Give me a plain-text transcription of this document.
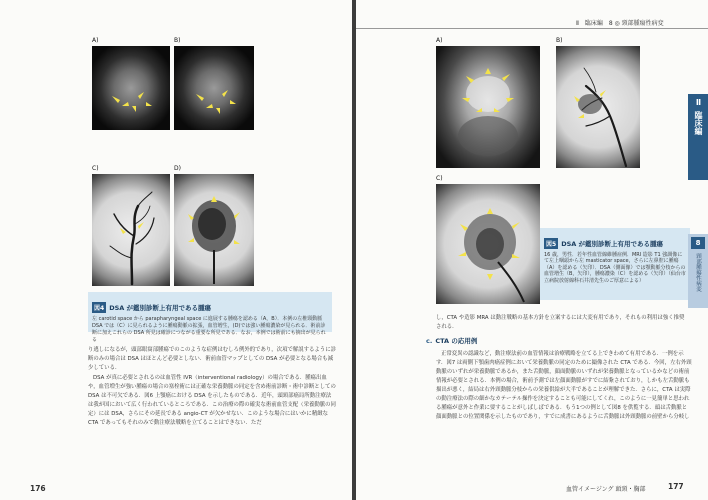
A)	B)
C)	D)
図4 DSA が鑑別診断上有用である腫瘍
左 carotid space から parapharyngeal space に進展する腫瘍を認める（A，B）．本例の左椎頸動脈 DSA では（C）に見られるように腫瘍動脈の拡張，血管増生，(D)では強い腫瘍濃染が見られる．術前診断に加えこれらの DSA 所見は確診につながる重要な所見である．なお，本例では術前にも摘出が見られる

り逃しになるが，頭部眼窩部腫瘍でのこのような症例はむしろ例外的であり，次項で解説するように診断のみの場合は DSA はほとんど必要としない．術前血管マップとしての DSA が必要となる場合も減少している．

DSA が真に必要とされるのは血管性 IVR（interventional radiology）の場合である．腫瘍出血や，血管増生が強い腫瘍の場合の塞栓術には正確な栄養動脈の同定を含め術前診断・術中診断としての DSA は不可欠である．図6 上顎癌における DSA を示したものである．近年，頭頸部癌局所動注療法は我が国において広く行われているところである．この治療の際の確実な術前血管支配（栄養動脈の同定）には DSA，さらにその延長である angio-CT が欠かせない．このような場合にはいかに精緻な CTA であってもそれのみで動注療法戦略を立てることはできない．ただ

176
Ⅱ 臨床編 8 ◎ 頸部腫瘍性病変
A)	B)
C)
図5 DSA が鑑別診断上有用である腫瘍
16 歳，男性．若年性血管線維腫症例．MRI 造影 T1 強調像にて左上咽頭から左 masticator space，さらに左鼻腔に腫瘍（A）を認める（矢印）．DSA（側面像）では顎動脈分枝からの血管増生（B，矢印），腫瘍濃染（C）を認める（矢印）（仙台市立病院放射線科石井清先生のご厚意による）

し，CTA や造影 MRA は動注戦略の基本方針を立案するには大変有用であり，それもの利用は強く推奨される．

c. CTA の応用例

正常変異の認識など，動注療法前の血管情報は治療戦略を立てる上できわめて有用である．一例を示す．図7 は両側下顎歯肉癌症例において栄養動脈の同定のために撮像された CTA である．今回，左右外頸動脈のいずれが栄養動脈であるか，また舌動脈，顔面動脈のいずれが栄養動脈となっているかなどの術前情報が必要とされる．本例の場合，術前予測では左顔面動脈がすでに結紮されており，しかも左舌動脈も描出が悪く，結局は右外頸動脈分枝からの栄養供給が大半であることが理解できた．さらに，CTA は実際の動注療法の際の細かなカテーテル操作を決定することも可能にしてくれ，このように一見簡単と思われる腫瘍が意外と作業に要することがしばしばである．もう1つの例として図8 を供覧する．頭は舌動脈と顔面動脈との位置関係を示したものであり，すでに成書にあるように舌動脈は外頸動脈の前壁から分岐し

血管イメージング 頭頸・胸部	177
Ⅱ
臨床編
8
頸部腫瘍性病変
